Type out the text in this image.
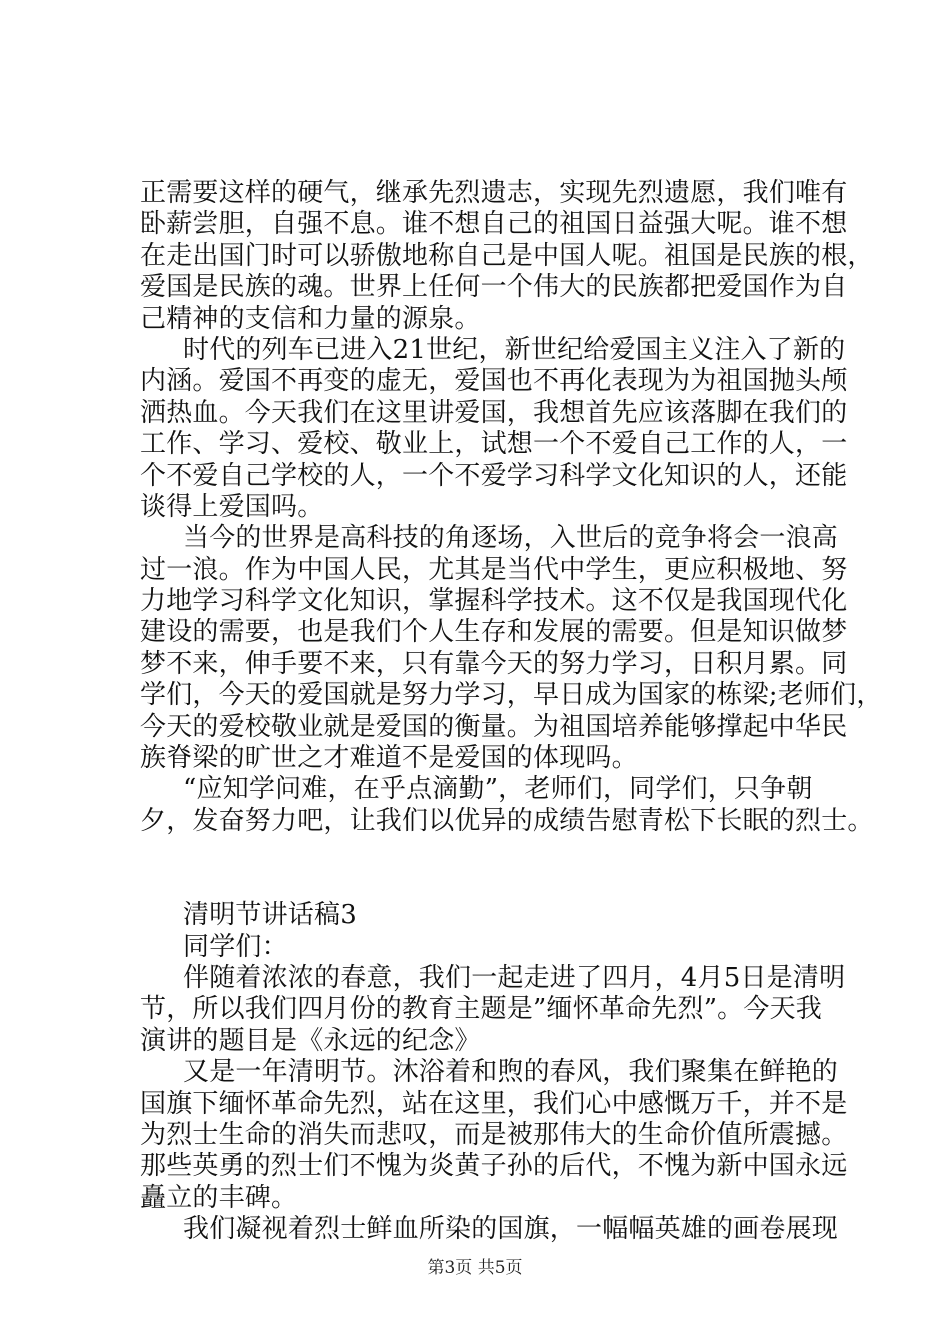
正需要这样的硬气，继承先烈遗志，实现先烈遗愿，我们唯有
卧薪尝胆，自强不息。谁不想自己的祖国日益强大呢。谁不想
在走出国门时可以骄傲地称自己是中国人呢。祖国是民族的根，
爱国是民族的魂。世界上任何一个伟大的民族都把爱国作为自
己精神的支信和力量的源泉。
时代的列车已进入21世纪，新世纪给爱国主义注入了新的
内涵。爱国不再变的虚无，爱国也不再化表现为为祖国抛头颅
洒热血。今天我们在这里讲爱国，我想首先应该落脚在我们的
工作、学习、爱校、敬业上，试想一个不爱自己工作的人，一
个不爱自己学校的人，一个不爱学习科学文化知识的人，还能
谈得上爱国吗。
当今的世界是高科技的角逐场，入世后的竞争将会一浪高
过一浪。作为中国人民，尤其是当代中学生，更应积极地、努
力地学习科学文化知识，掌握科学技术。这不仅是我国现代化
建设的需要，也是我们个人生存和发展的需要。但是知识做梦
梦不来，伸手要不来，只有靠今天的努力学习，日积月累。同
学们，今天的爱国就是努力学习，早日成为国家的栋梁;老师们，
今天的爱校敬业就是爱国的衡量。为祖国培养能够撑起中华民
族脊梁的旷世之才难道不是爱国的体现吗。
“应知学问难，在乎点滴勤”，老师们，同学们，只争朝
夕，发奋努力吧，让我们以优异的成绩告慰青松下长眠的烈士。
清明节讲话稿3
同学们：
伴随着浓浓的春意，我们一起走进了四月，4月5日是清明
节，所以我们四月份的教育主题是”缅怀革命先烈”。今天我
演讲的题目是《永远的纪念》
又是一年清明节。沐浴着和煦的春风，我们聚集在鲜艳的
国旗下缅怀革命先烈，站在这里，我们心中感慨万千，并不是
为烈士生命的消失而悲叹，而是被那伟大的生命价值所震撼。
那些英勇的烈士们不愧为炎黄子孙的后代，不愧为新中国永远
矗立的丰碑。
我们凝视着烈士鲜血所染的国旗，一幅幅英雄的画卷展现
第3页 共5页
